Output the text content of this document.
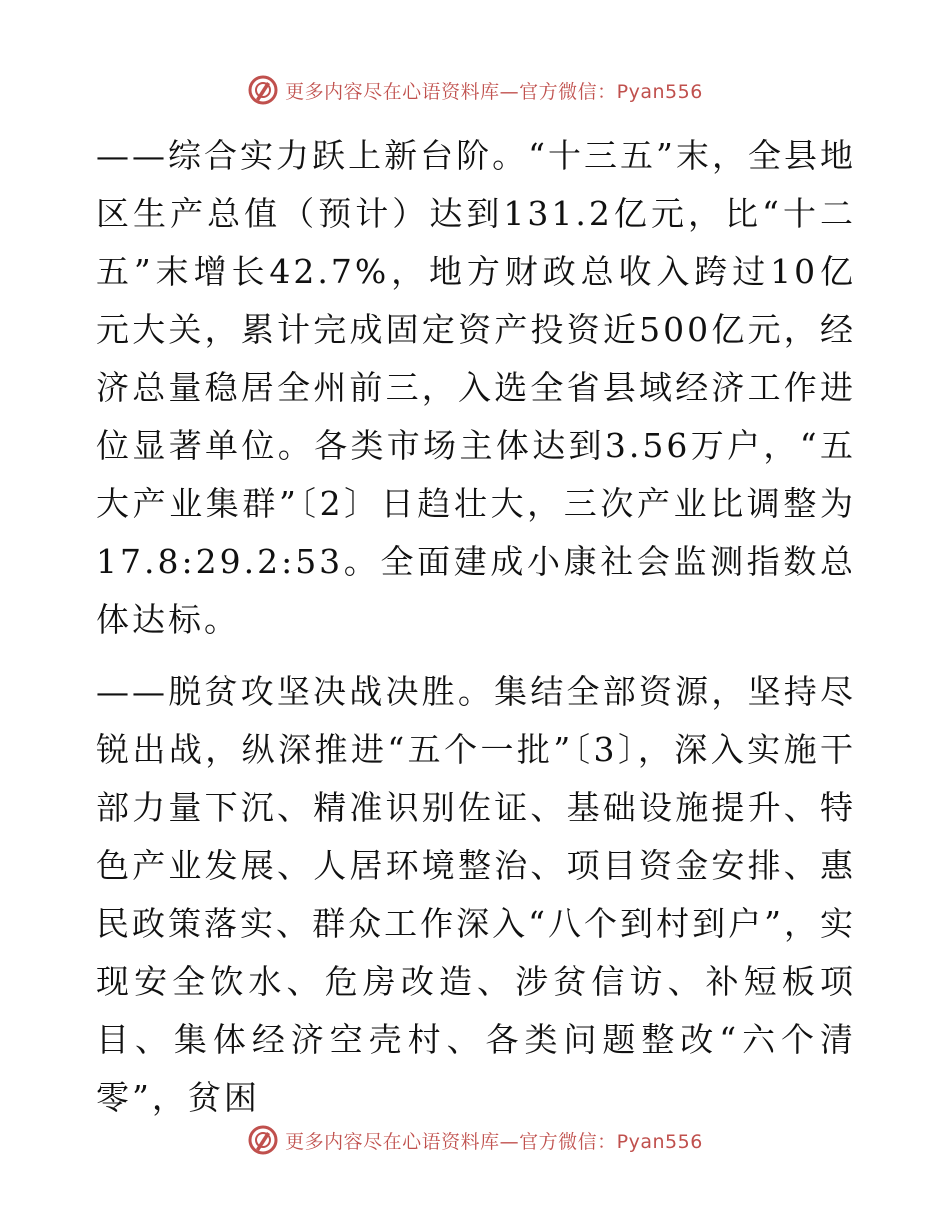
更多内容尽在心语资料库—官方微信：Pyan556

——综合实力跃上新台阶。“十三五”末，全县地区生产总值（预计）达到131.2亿元，比“十二五”末增长42.7%，地方财政总收入跨过10亿元大关，累计完成固定资产投资近500亿元，经济总量稳居全州前三，入选全省县域经济工作进位显著单位。各类市场主体达到3.56万户，“五大产业集群”〔2〕日趋壮大，三次产业比调整为17.8:29.2:53。全面建成小康社会监测指数总体达标。

——脱贫攻坚决战决胜。集结全部资源，坚持尽锐出战，纵深推进“五个一批”〔3〕，深入实施干部力量下沉、精准识别佐证、基础设施提升、特色产业发展、人居环境整治、项目资金安排、惠民政策落实、群众工作深入“八个到村到户”，实现安全饮水、危房改造、涉贫信访、补短板项目、集体经济空壳村、各类问题整改“六个清零”，贫困

更多内容尽在心语资料库—官方微信：Pyan556
